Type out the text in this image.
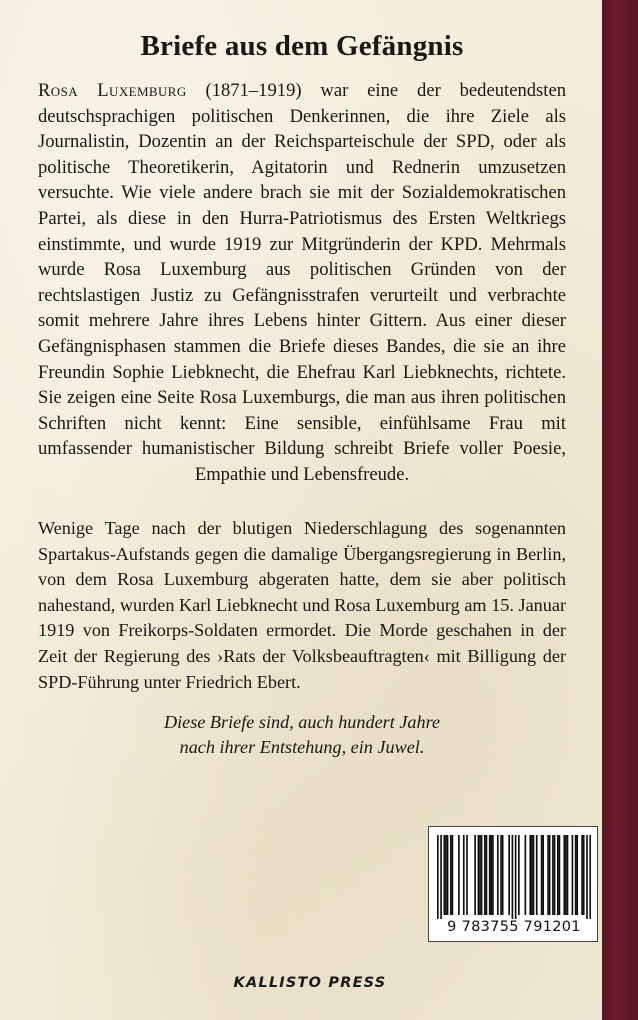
Briefe aus dem Gefängnis

Rosa Luxemburg (1871–1919) war eine der bedeutendsten deutschsprachigen politischen Denkerinnen, die ihre Ziele als Journalistin, Dozentin an der Reichsparteischule der SPD, oder als politische Theoretikerin, Agitatorin und Rednerin umzusetzen versuchte. Wie viele andere brach sie mit der Sozialdemokratischen Partei, als diese in den Hurra-Patriotismus des Ersten Weltkriegs einstimmte, und wurde 1919 zur Mitgründerin der KPD. Mehrmals wurde Rosa Luxemburg aus politischen Gründen von der rechtslastigen Justiz zu Gefängnisstrafen verurteilt und verbrachte somit mehrere Jahre ihres Lebens hinter Gittern. Aus einer dieser Gefängnisphasen stammen die Briefe dieses Bandes, die sie an ihre Freundin Sophie Liebknecht, die Ehefrau Karl Liebknechts, richtete. Sie zeigen eine Seite Rosa Luxemburgs, die man aus ihren politischen Schriften nicht kennt: Eine sensible, einfühlsame Frau mit umfassender humanistischer Bildung schreibt Briefe voller Poesie, Empathie und Lebensfreude.

Wenige Tage nach der blutigen Niederschlagung des sogenannten Spartakus-Aufstands gegen die damalige Übergangsregierung in Berlin, von dem Rosa Luxemburg abgeraten hatte, dem sie aber politisch nahestand, wurden Karl Liebknecht und Rosa Luxemburg am 15. Januar 1919 von Freikorps-Soldaten ermordet. Die Morde geschahen in der Zeit der Regierung des ›Rats der Volksbeauftragten‹ mit Billigung der SPD-Führung unter Friedrich Ebert.

Diese Briefe sind, auch hundert Jahre
nach ihrer Entstehung, ein Juwel.

9 783755 791201
KALLISTO PRESS
